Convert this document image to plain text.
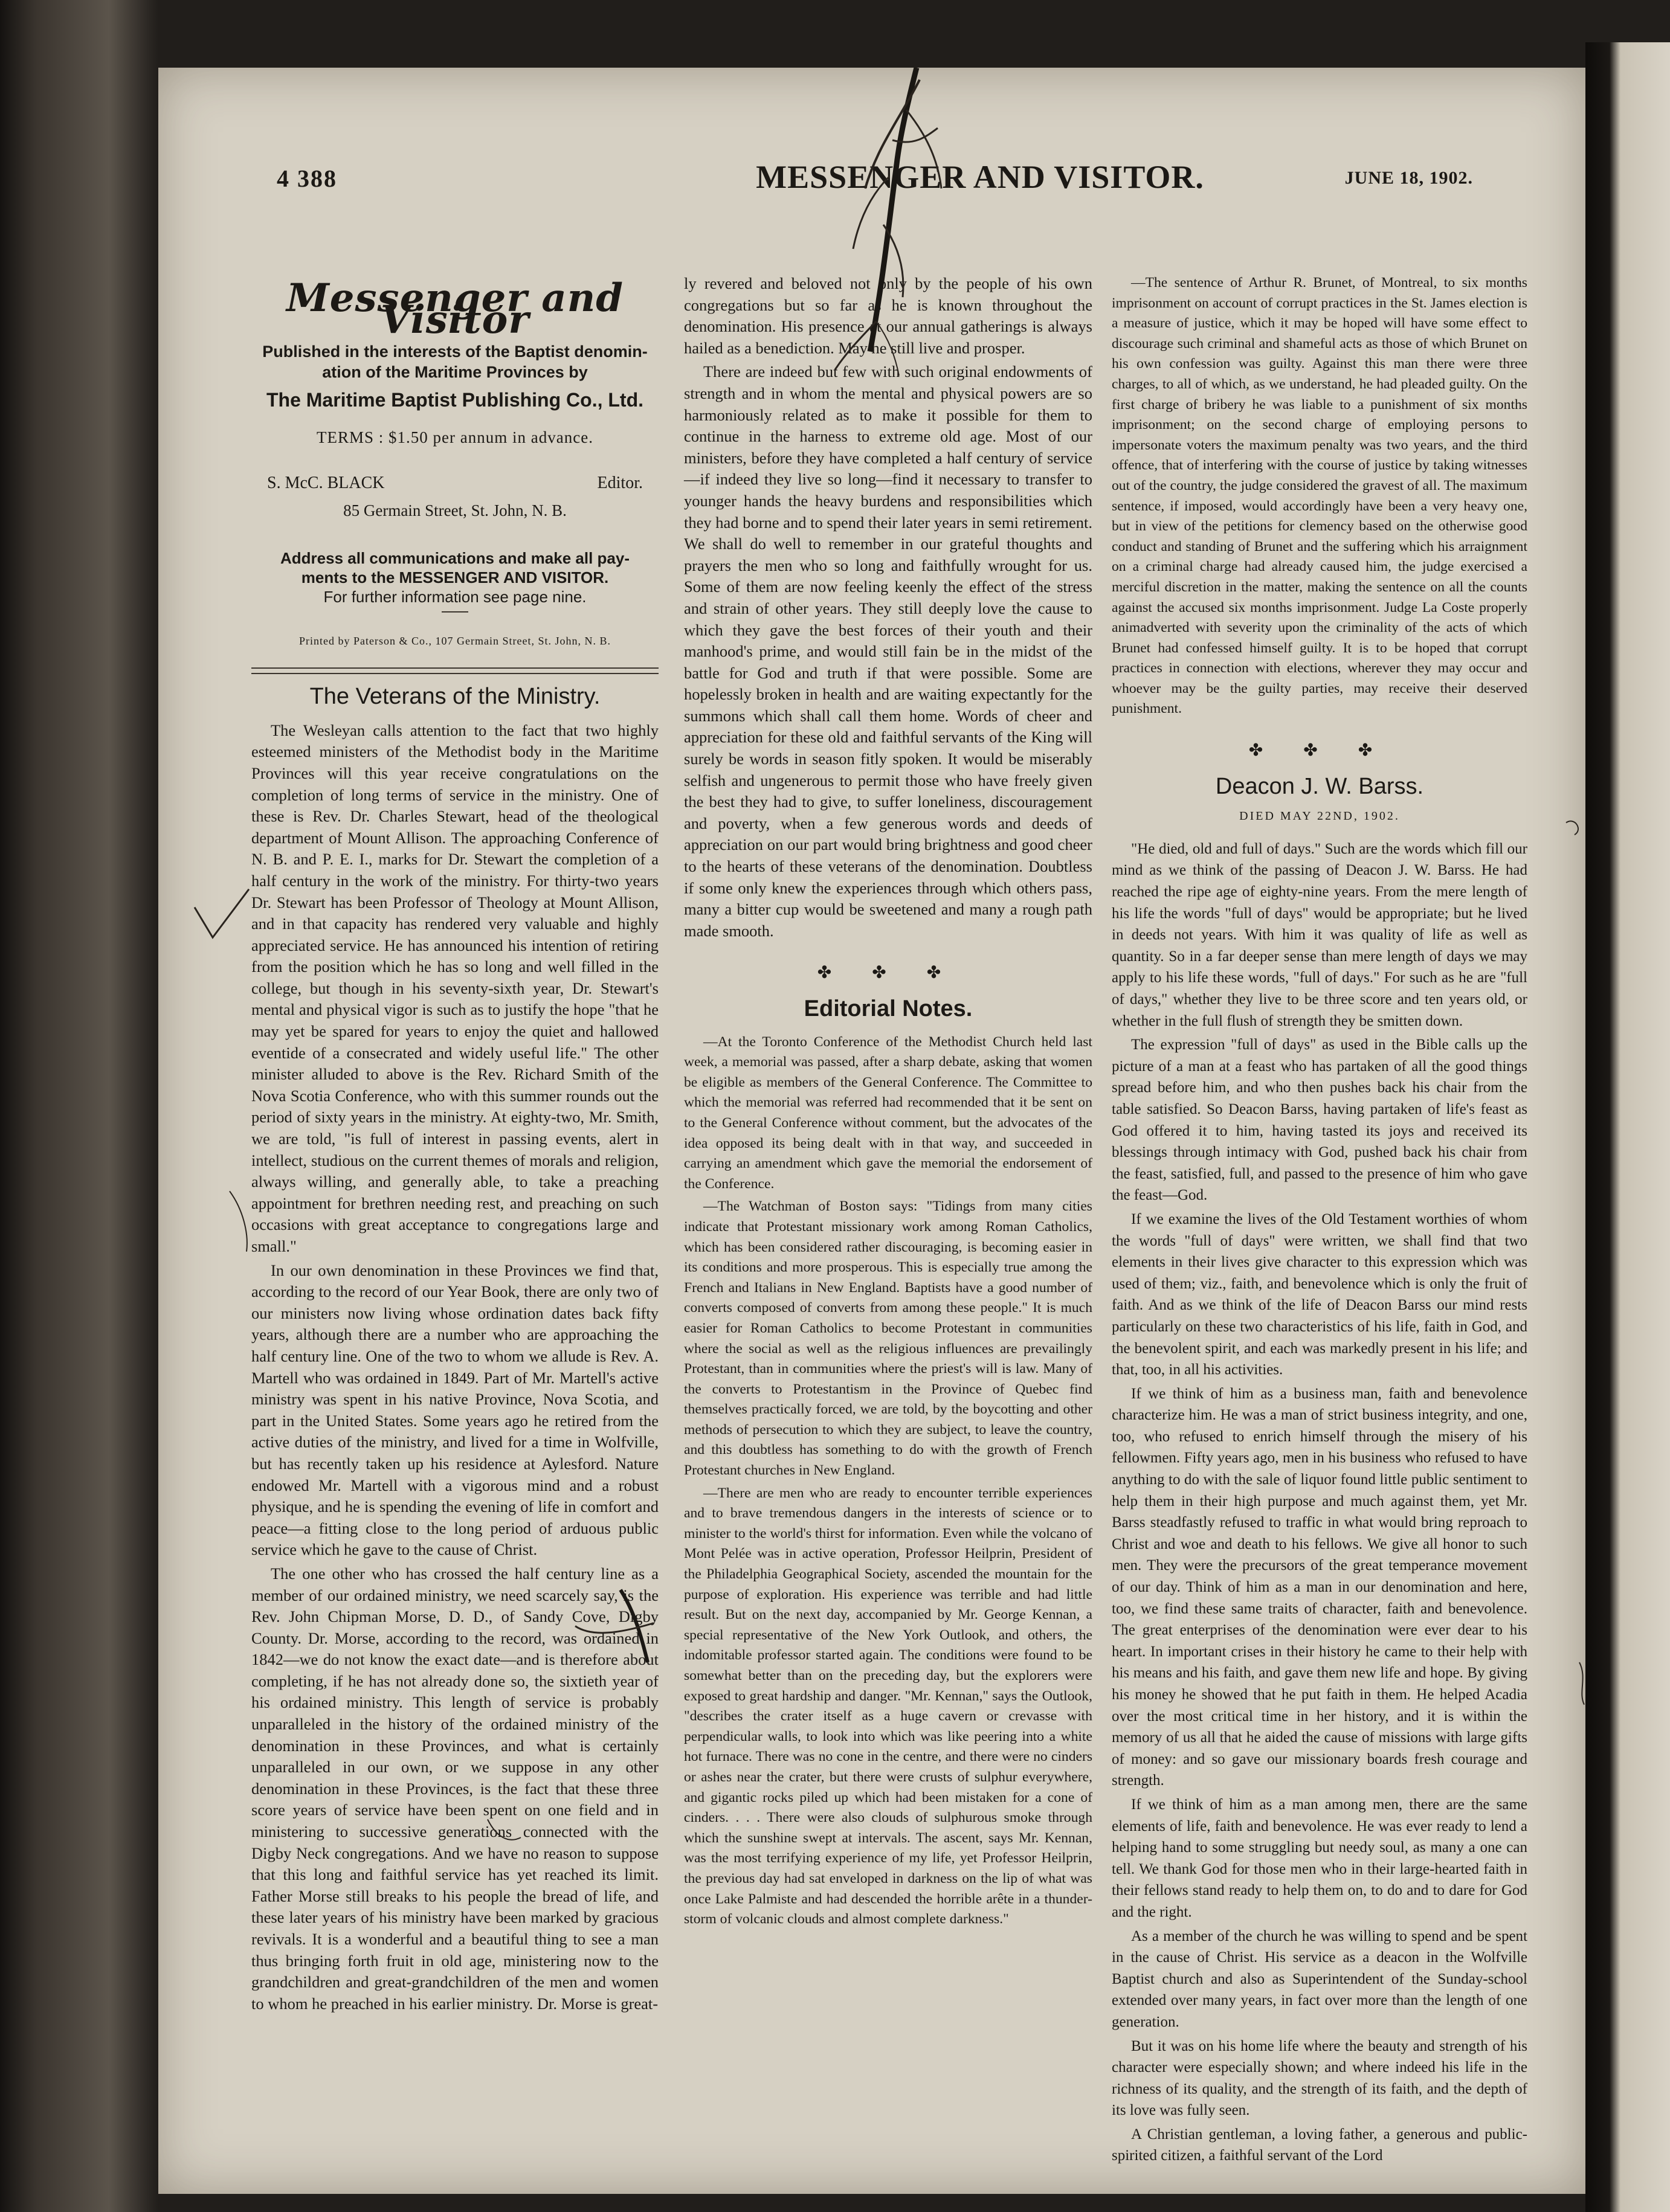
4 388	MESSENGER AND VISITOR.	JUNE 18, 1902.
Messenger and Visitor
Published in the interests of the Baptist denomin-
ation of the Maritime Provinces by
The Maritime Baptist Publishing Co., Ltd.
TERMS : $1.50 per annum in advance.
S. McC. BLACK	Editor.
85 Germain Street, St. John, N. B.
Address all communications and make all pay-
ments to the MESSENGER AND VISITOR.
For further information see page nine.
Printed by Paterson & Co., 107 Germain Street, St. John, N. B.
The Veterans of the Ministry.

The Wesleyan calls attention to the fact that two highly esteemed ministers of the Methodist body in the Maritime Provinces will this year receive congratulations on the completion of long terms of service in the ministry. One of these is Rev. Dr. Charles Stewart, head of the theological department of Mount Allison. The approaching Conference of N. B. and P. E. I., marks for Dr. Stewart the completion of a half century in the work of the ministry. For thirty-two years Dr. Stewart has been Professor of Theology at Mount Allison, and in that capacity has rendered very valuable and highly appreciated service. He has announced his intention of retiring from the position which he has so long and well filled in the college, but though in his seventy-sixth year, Dr. Stewart's mental and physical vigor is such as to justify the hope "that he may yet be spared for years to enjoy the quiet and hallowed eventide of a consecrated and widely useful life." The other minister alluded to above is the Rev. Richard Smith of the Nova Scotia Conference, who with this summer rounds out the period of sixty years in the ministry. At eighty-two, Mr. Smith, we are told, "is full of interest in passing events, alert in intellect, studious on the current themes of morals and religion, always willing, and generally able, to take a preaching appointment for brethren needing rest, and preaching on such occasions with great acceptance to congregations large and small."

In our own denomination in these Provinces we find that, according to the record of our Year Book, there are only two of our ministers now living whose ordination dates back fifty years, although there are a number who are approaching the half century line. One of the two to whom we allude is Rev. A. Martell who was ordained in 1849. Part of Mr. Martell's active ministry was spent in his native Province, Nova Scotia, and part in the United States. Some years ago he retired from the active duties of the ministry, and lived for a time in Wolfville, but has recently taken up his residence at Aylesford. Nature endowed Mr. Martell with a vigorous mind and a robust physique, and he is spending the evening of life in comfort and peace—a fitting close to the long period of arduous public service which he gave to the cause of Christ.

The one other who has crossed the half century line as a member of our ordained ministry, we need scarcely say, is the Rev. John Chipman Morse, D. D., of Sandy Cove, Digby County. Dr. Morse, according to the record, was ordained in 1842—we do not know the exact date—and is therefore about completing, if he has not already done so, the sixtieth year of his ordained ministry. This length of service is probably unparalleled in the history of the ordained ministry of the denomination in these Provinces, and what is certainly unparalleled in our own, or we suppose in any other denomination in these Provinces, is the fact that these three score years of service have been spent on one field and in ministering to successive generations connected with the Digby Neck congregations. And we have no reason to suppose that this long and faithful service has yet reached its limit. Father Morse still breaks to his people the bread of life, and these later years of his ministry have been marked by gracious revivals. It is a wonderful and a beautiful thing to see a man thus bringing forth fruit in old age, ministering now to the grandchildren and great-grandchildren of the men and women to whom he preached in his earlier ministry. Dr. Morse is great-

ly revered and beloved not only by the people of his own congregations but so far as he is known throughout the denomination. His presence at our annual gatherings is always hailed as a benediction. May he still live and prosper.

There are indeed but few with such original endowments of strength and in whom the mental and physical powers are so harmoniously related as to make it possible for them to continue in the harness to extreme old age. Most of our ministers, before they have completed a half century of service—if indeed they live so long—find it necessary to transfer to younger hands the heavy burdens and responsibilities which they had borne and to spend their later years in semi retirement. We shall do well to remember in our grateful thoughts and prayers the men who so long and faithfully wrought for us. Some of them are now feeling keenly the effect of the stress and strain of other years. They still deeply love the cause to which they gave the best forces of their youth and their manhood's prime, and would still fain be in the midst of the battle for God and truth if that were possible. Some are hopelessly broken in health and are waiting expectantly for the summons which shall call them home. Words of cheer and appreciation for these old and faithful servants of the King will surely be words in season fitly spoken. It would be miserably selfish and ungenerous to permit those who have freely given the best they had to give, to suffer loneliness, discouragement and poverty, when a few generous words and deeds of appreciation on our part would bring brightness and good cheer to the hearts of these veterans of the denomination. Doubtless if some only knew the experiences through which others pass, many a bitter cup would be sweetened and many a rough path made smooth.

✤ ✤ ✤
Editorial Notes.

—At the Toronto Conference of the Methodist Church held last week, a memorial was passed, after a sharp debate, asking that women be eligible as members of the General Conference. The Committee to which the memorial was referred had recommended that it be sent on to the General Conference without comment, but the advocates of the idea opposed its being dealt with in that way, and succeeded in carrying an amendment which gave the memorial the endorsement of the Conference.

—The Watchman of Boston says: "Tidings from many cities indicate that Protestant missionary work among Roman Catholics, which has been considered rather discouraging, is becoming easier in its conditions and more prosperous. This is especially true among the French and Italians in New England. Baptists have a good number of converts composed of converts from among these people." It is much easier for Roman Catholics to become Protestant in communities where the social as well as the religious influences are prevailingly Protestant, than in communities where the priest's will is law. Many of the converts to Protestantism in the Province of Quebec find themselves practically forced, we are told, by the boycotting and other methods of persecution to which they are subject, to leave the country, and this doubtless has something to do with the growth of French Protestant churches in New England.

—There are men who are ready to encounter terrible experiences and to brave tremendous dangers in the interests of science or to minister to the world's thirst for information. Even while the volcano of Mont Pelée was in active operation, Professor Heilprin, President of the Philadelphia Geographical Society, ascended the mountain for the purpose of exploration. His experience was terrible and had little result. But on the next day, accompanied by Mr. George Kennan, a special representative of the New York Outlook, and others, the indomitable professor started again. The conditions were found to be somewhat better than on the preceding day, but the explorers were exposed to great hardship and danger. "Mr. Kennan," says the Outlook, "describes the crater itself as a huge cavern or crevasse with perpendicular walls, to look into which was like peering into a white hot furnace. There was no cone in the centre, and there were no cinders or ashes near the crater, but there were crusts of sulphur everywhere, and gigantic rocks piled up which had been mistaken for a cone of cinders. . . . There were also clouds of sulphurous smoke through which the sunshine swept at intervals. The ascent, says Mr. Kennan, was the most terrifying experience of my life, yet Professor Heilprin, the previous day had sat enveloped in darkness on the lip of what was once Lake Palmiste and had descended the horrible arête in a thunder-storm of volcanic clouds and almost complete darkness."

—The sentence of Arthur R. Brunet, of Montreal, to six months imprisonment on account of corrupt practices in the St. James election is a measure of justice, which it may be hoped will have some effect to discourage such criminal and shameful acts as those of which Brunet on his own confession was guilty. Against this man there were three charges, to all of which, as we understand, he had pleaded guilty. On the first charge of bribery he was liable to a punishment of six months imprisonment; on the second charge of employing persons to impersonate voters the maximum penalty was two years, and the third offence, that of interfering with the course of justice by taking witnesses out of the country, the judge considered the gravest of all. The maximum sentence, if imposed, would accordingly have been a very heavy one, but in view of the petitions for clemency based on the otherwise good conduct and standing of Brunet and the suffering which his arraignment on a criminal charge had already caused him, the judge exercised a merciful discretion in the matter, making the sentence on all the counts against the accused six months imprisonment. Judge La Coste properly animadverted with severity upon the criminality of the acts of which Brunet had confessed himself guilty. It is to be hoped that corrupt practices in connection with elections, wherever they may occur and whoever may be the guilty parties, may receive their deserved punishment.

✤ ✤ ✤
Deacon J. W. Barss.
DIED MAY 22ND, 1902.

"He died, old and full of days." Such are the words which fill our mind as we think of the passing of Deacon J. W. Barss. He had reached the ripe age of eighty-nine years. From the mere length of his life the words "full of days" would be appropriate; but he lived in deeds not years. With him it was quality of life as well as quantity. So in a far deeper sense than mere length of days we may apply to his life these words, "full of days." For such as he are "full of days," whether they live to be three score and ten years old, or whether in the full flush of strength they be smitten down.

The expression "full of days" as used in the Bible calls up the picture of a man at a feast who has partaken of all the good things spread before him, and who then pushes back his chair from the table satisfied. So Deacon Barss, having partaken of life's feast as God offered it to him, having tasted its joys and received its blessings through intimacy with God, pushed back his chair from the feast, satisfied, full, and passed to the presence of him who gave the feast—God.

If we examine the lives of the Old Testament worthies of whom the words "full of days" were written, we shall find that two elements in their lives give character to this expression which was used of them; viz., faith, and benevolence which is only the fruit of faith. And as we think of the life of Deacon Barss our mind rests particularly on these two characteristics of his life, faith in God, and the benevolent spirit, and each was markedly present in his life; and that, too, in all his activities.

If we think of him as a business man, faith and benevolence characterize him. He was a man of strict business integrity, and one, too, who refused to enrich himself through the misery of his fellowmen. Fifty years ago, men in his business who refused to have anything to do with the sale of liquor found little public sentiment to help them in their high purpose and much against them, yet Mr. Barss steadfastly refused to traffic in what would bring reproach to Christ and woe and death to his fellows. We give all honor to such men. They were the precursors of the great temperance movement of our day. Think of him as a man in our denomination and here, too, we find these same traits of character, faith and benevolence. The great enterprises of the denomination were ever dear to his heart. In important crises in their history he came to their help with his means and his faith, and gave them new life and hope. By giving his money he showed that he put faith in them. He helped Acadia over the most critical time in her history, and it is within the memory of us all that he aided the cause of missions with large gifts of money: and so gave our missionary boards fresh courage and strength.

If we think of him as a man among men, there are the same elements of life, faith and benevolence. He was ever ready to lend a helping hand to some struggling but needy soul, as many a one can tell. We thank God for those men who in their large-hearted faith in their fellows stand ready to help them on, to do and to dare for God and the right.

As a member of the church he was willing to spend and be spent in the cause of Christ. His service as a deacon in the Wolfville Baptist church and also as Superintendent of the Sunday-school extended over many years, in fact over more than the length of one generation.

But it was on his home life where the beauty and strength of his character were especially shown; and where indeed his life in the richness of its quality, and the strength of its faith, and the depth of its love was fully seen.

A Christian gentleman, a loving father, a generous and public-spirited citizen, a faithful servant of the Lord
